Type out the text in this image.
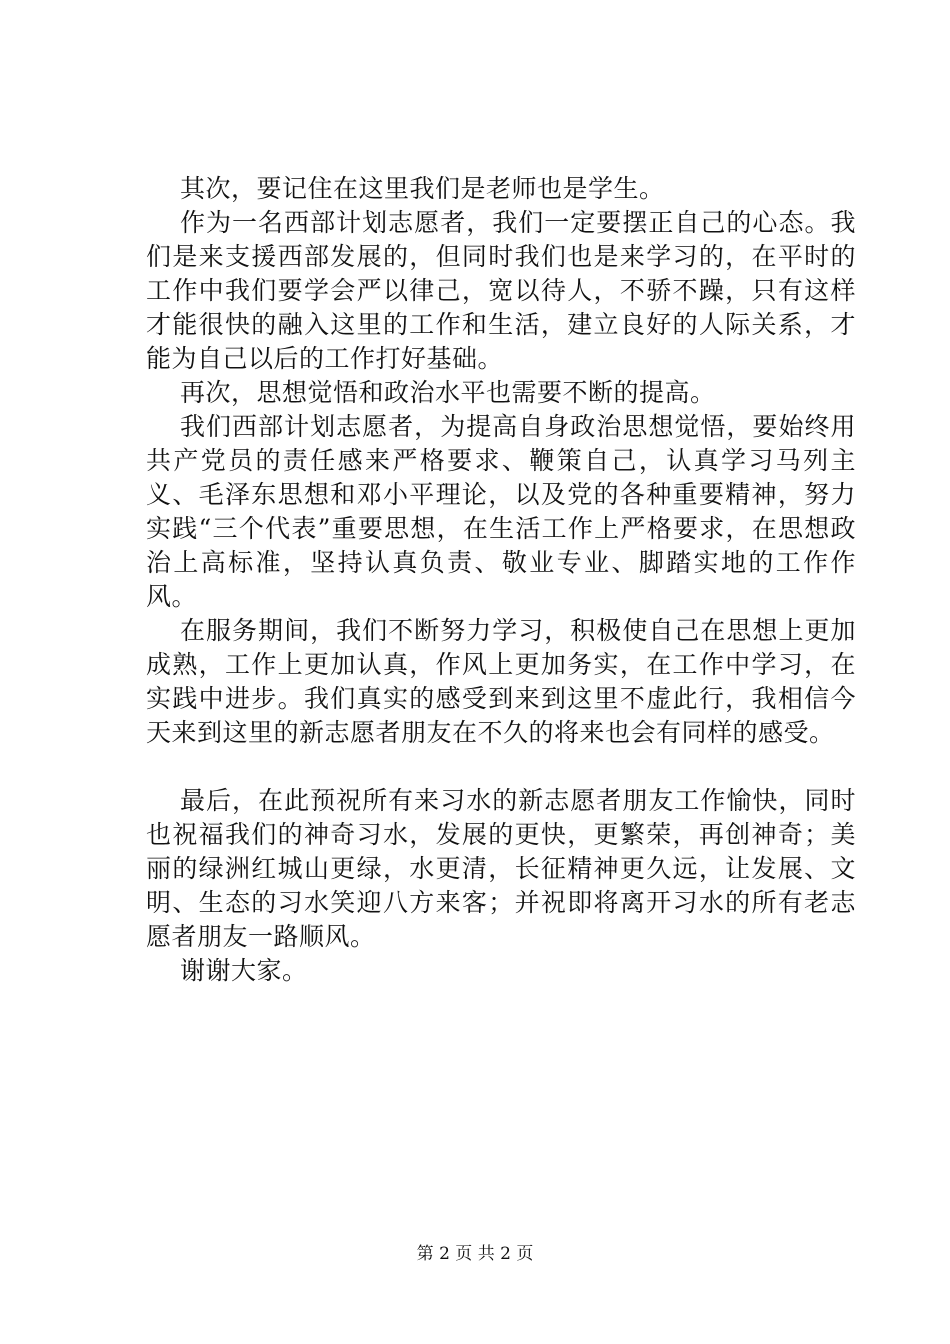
其次，要记住在这里我们是老师也是学生。

作为一名西部计划志愿者，我们一定要摆正自己的心态。我们是来支援西部发展的，但同时我们也是来学习的，在平时的工作中我们要学会严以律己，宽以待人，不骄不躁，只有这样才能很快的融入这里的工作和生活，建立良好的人际关系，才能为自己以后的工作打好基础。

再次，思想觉悟和政治水平也需要不断的提高。

我们西部计划志愿者，为提高自身政治思想觉悟，要始终用共产党员的责任感来严格要求、鞭策自己，认真学习马列主义、毛泽东思想和邓小平理论，以及党的各种重要精神，努力实践“三个代表”重要思想，在生活工作上严格要求，在思想政治上高标准，坚持认真负责、敬业专业、脚踏实地的工作作风。

在服务期间，我们不断努力学习，积极使自己在思想上更加成熟，工作上更加认真，作风上更加务实，在工作中学习，在实践中进步。我们真实的感受到来到这里不虚此行，我相信今天来到这里的新志愿者朋友在不久的将来也会有同样的感受。

最后，在此预祝所有来习水的新志愿者朋友工作愉快，同时也祝福我们的神奇习水，发展的更快，更繁荣，再创神奇；美丽的绿洲红城山更绿，水更清，长征精神更久远，让发展、文明、生态的习水笑迎八方来客；并祝即将离开习水的所有老志愿者朋友一路顺风。

谢谢大家。

第 2 页 共 2 页
